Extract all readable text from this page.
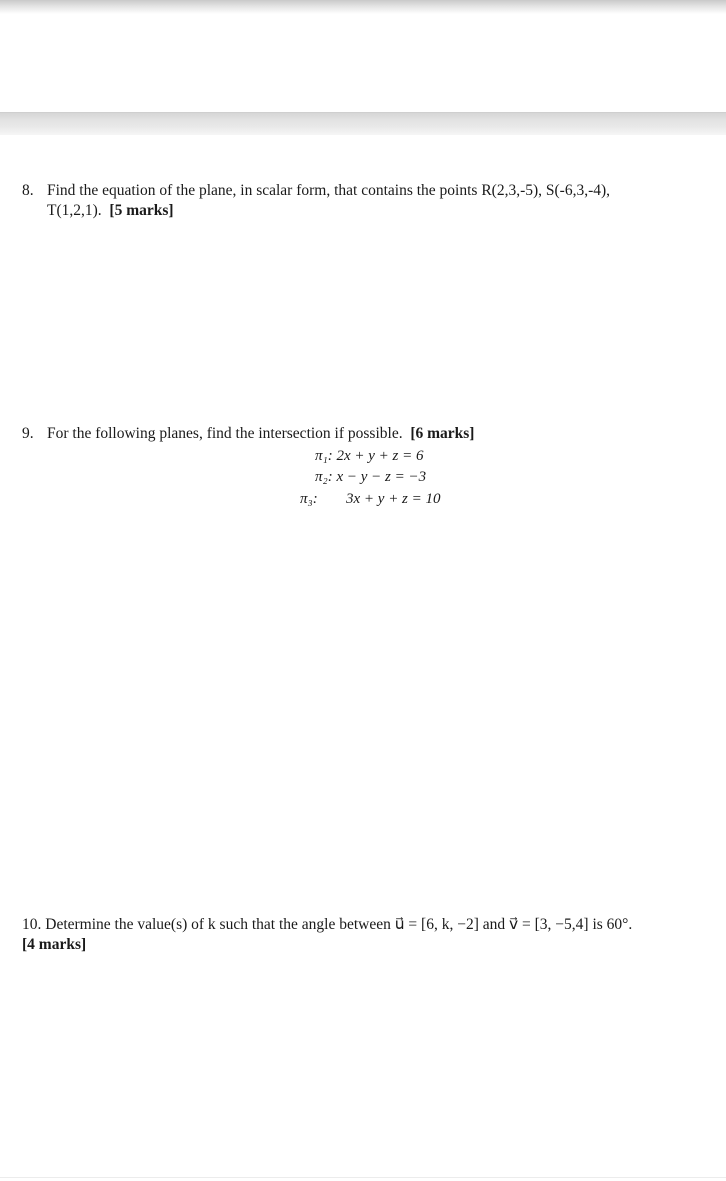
8. Find the equation of the plane, in scalar form, that contains the points R(2,3,-5), S(-6,3,-4),
T(1,2,1). [5 marks]
9. For the following planes, find the intersection if possible. [6 marks]
π₁: 2x + y + z = 6
π₂: x − y − z = −3
π₃: 3x + y + z = 10
10. Determine the value(s) of k such that the angle between u⃗ = [6, k, −2] and v⃗ = [3, −5,4] is 60°.
[4 marks]
